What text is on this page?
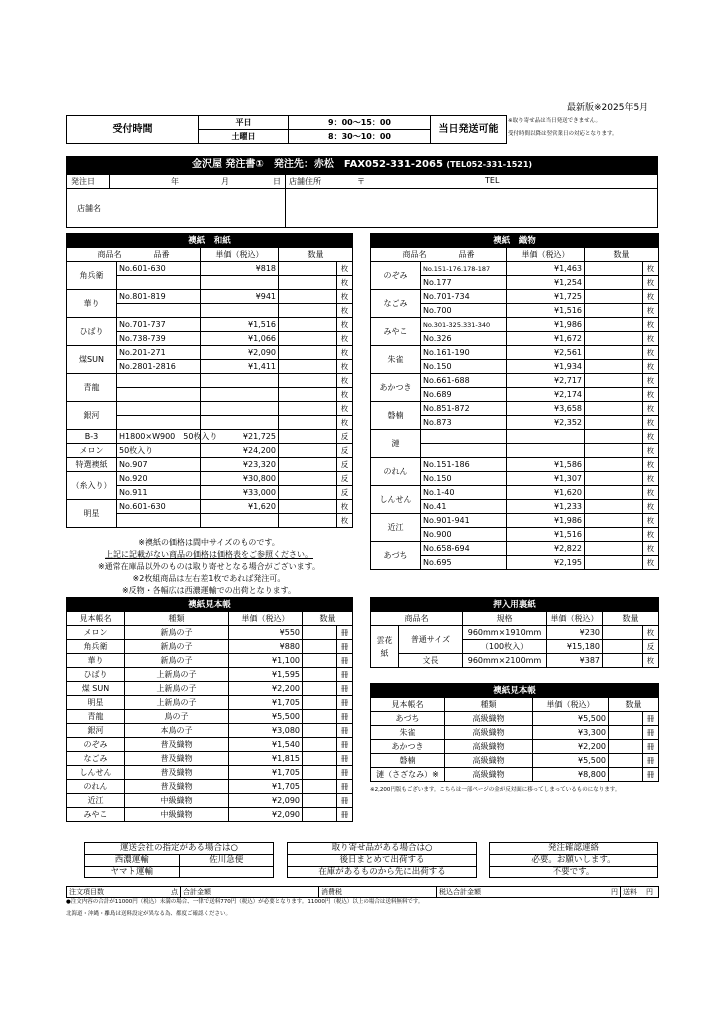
最新版※2025年5月
受付時間	平日	9：00～15：00	当日発送可能
	土曜日	8：30～10：00	
※取り寄せ品は当日発送できません。
受付時間以降は翌営業日の対応となります。
金沢屋 発注書①　発注先：赤松　FAX052-331-2065 (TEL052-331-1521)
発注日	年	月	日 店舗住所	〒	TEL
店舗名
襖紙　和紙				
商品名　　　　 品番		単価（税込）	数量	
角兵衛	No.601-630	¥818		枚
				枚
華り	No.801-819	¥941		枚
				枚
ひばり	No.701-737	¥1,516		枚
	No.738-739	¥1,066		枚
煤SUN	No.201-271	¥2,090		枚
	No.2801-2816	¥1,411		枚
青龍				枚
				枚
銀河				枚
				枚
B-3	H1800×W900　50枚入り	¥21,725		反
メロン	50枚入り	¥24,200		反
特選襖紙	No.907	¥23,320		反
（糸入り）	No.920	¥30,800		反
	No.911	¥33,000		反
明星	No.601-630	¥1,620		枚
				枚
※襖紙の価格は間中サイズのものです。
上記に記載がない商品の価格は価格表をご参照ください。
※通常在庫品以外のものは取り寄せとなる場合がございます。
※2枚組商品は左右差1枚であれば発注可。
※反物・各幅広は西濃運輸での出荷となります。
襖紙　織物				
商品名　　　　 品番		単価（税込）	数量	
のぞみ	No.151-176.178-187	¥1,463		枚
	No.177	¥1,254		枚
なごみ	No.701-734	¥1,725		枚
	No.700	¥1,516		枚
みやこ	No.301-325.331-340	¥1,986		枚
	No.326	¥1,672		枚
朱雀	No.161-190	¥2,561		枚
	No.150	¥1,934		枚
あかつき	No.661-688	¥2,717		枚
	No.689	¥2,174		枚
磐楠	No.851-872	¥3,658		枚
	No.873	¥2,352		枚
漣				枚
				枚
のれん	No.151-186	¥1,586		枚
	No.150	¥1,307		枚
しんせん	No.1-40	¥1,620		枚
	No.41	¥1,233		枚
近江	No.901-941	¥1,986		枚
	No.900	¥1,516		枚
あづち	No.658-694	¥2,822		枚
	No.695	¥2,195		枚
襖紙見本帳				
見本帳名	種類	単価（税込）	数量	
メロン	新鳥の子	¥550		冊
角兵衛	新鳥の子	¥880		冊
華り	新鳥の子	¥1,100		冊
ひばり	上新鳥の子	¥1,595		冊
煤 SUN	上新鳥の子	¥2,200		冊
明星	上新鳥の子	¥1,705		冊
青龍	鳥の子	¥5,500		冊
銀河	本鳥の子	¥3,080		冊
のぞみ	普及織物	¥1,540		冊
なごみ	普及織物	¥1,815		冊
しんせん	普及織物	¥1,705		冊
のれん	普及織物	¥1,705		冊
近江	中級織物	¥2,090		冊
みやこ	中級織物	¥2,090		冊
押入用裏紙					
商品名		規格	単価（税込）	数量	
雲花紙	普通サイズ	960mm×1910mm	¥230		枚
		（100枚入）	¥15,180		反
	文長	960mm×2100mm	¥387		枚
襖紙見本帳				
見本帳名	種類	単価（税込）	数量	
あづち	高級織物	¥5,500		冊
朱雀	高級織物	¥3,300		冊
あかつき	高級織物	¥2,200		冊
磐楠	高級織物	¥5,500		冊
漣（さざなみ）※	高級織物	¥8,800		冊
※2,200円版もございます。こちらは一部ページの金が反対面に移ってしまっているものになります。
運送会社の指定がある場合は○
西濃運輸	佐川急便
ヤマト運輸
取り寄せ品がある場合は○
後日まとめて出荷する
在庫があるものから先に出荷する
発注確認連絡
必要。お願いします。
不要です。
注文項目数	点	合計金額	消費税	税込合計金額	円	送料 円
●注文内容の合計が11000円（税込）未満の場合、一律で送料770円（税込）が必要となります。11000円（税込）以上の場合は送料無料です。
北海道・沖縄・離島は送料設定が異なる為、都度ご確認ください。
